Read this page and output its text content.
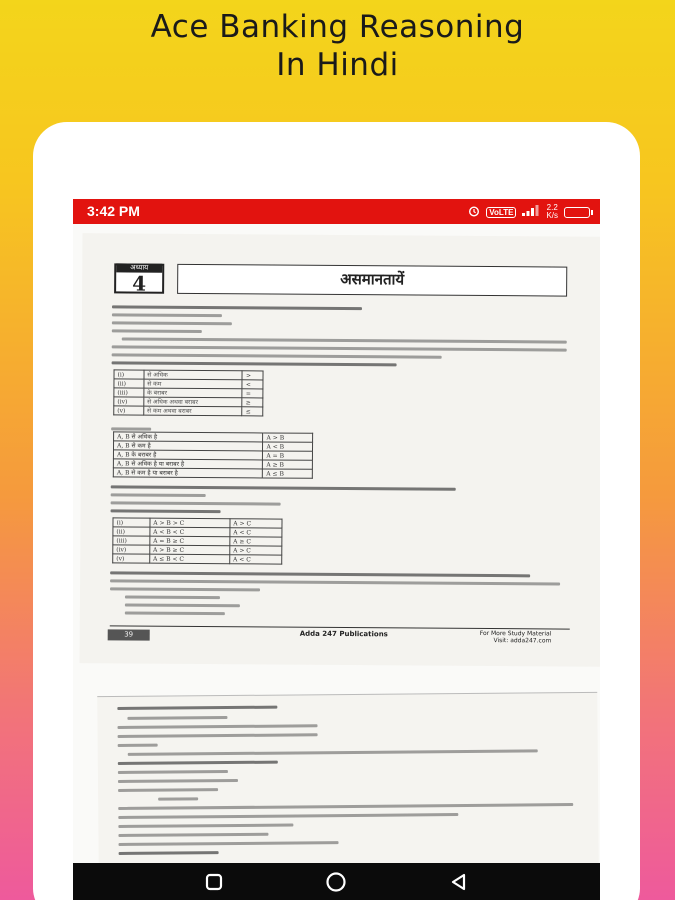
Ace Banking Reasoning
In Hindi
3:42 PM	VoLTE	2.2
K/s
अध्याय
4	असमानतायें
(i)	से अधिक	>
(ii)	से कम	<
(iii)	के बराबर	=
(iv)	से अधिक अथवा बराबर	≥
(v)	से कम अथवा बराबर	≤
A, B से अधिक है	A > B
A, B से कम है	A < B
A, B के बराबर है	A = B
A, B से अधिक है या बराबर है	A ≥ B
A, B से कम है या बराबर है	A ≤ B
(i)	A > B > C	A > C
(ii)	A < B < C	A < C
(iii)	A = B ≥ C	A ≥ C
(iv)	A > B ≥ C	A > C
(v)	A ≤ B < C	A < C
39	Adda 247 Publications	For More Study Material
Visit: adda247.com
